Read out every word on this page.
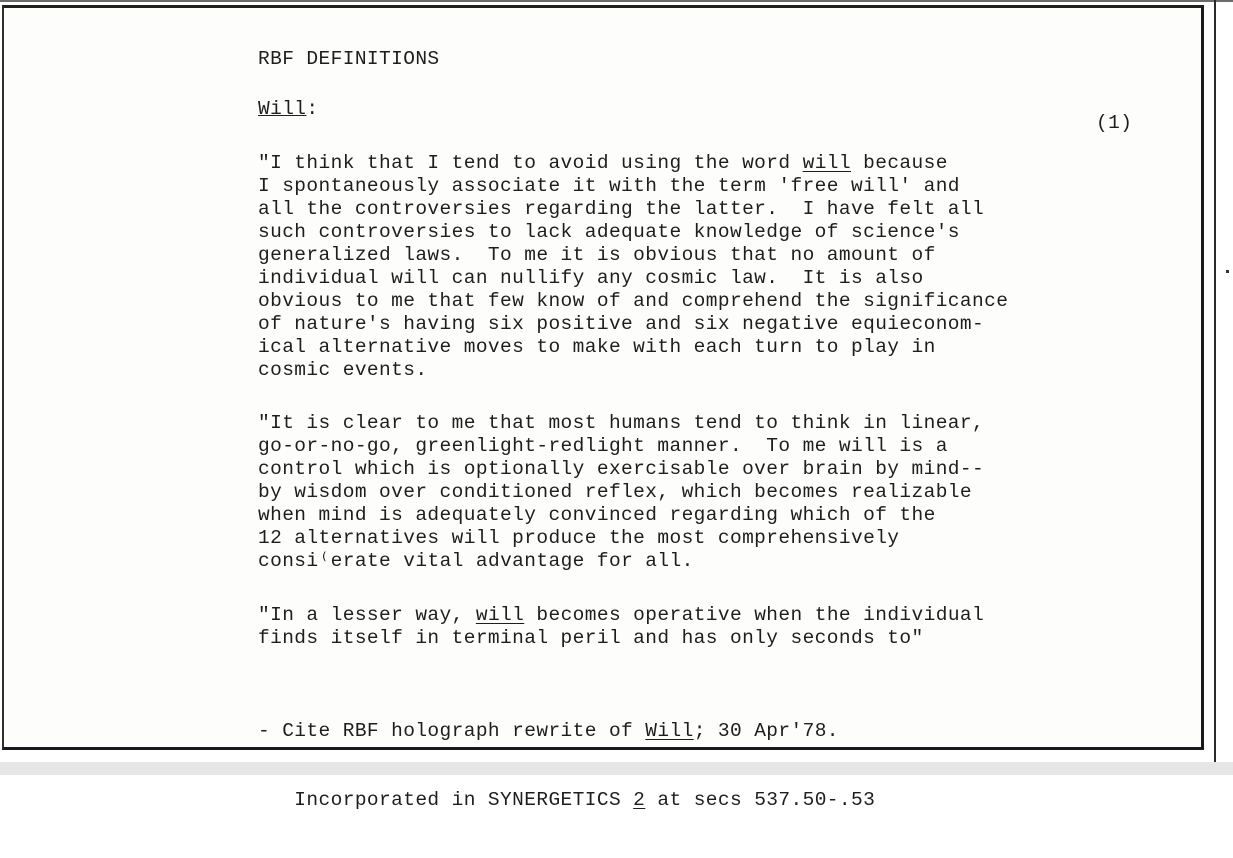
RBF DEFINITIONS

Will:

(1)

"I think that I tend to avoid using the word will because
I spontaneously associate it with the term 'free will' and
all the controversies regarding the latter.  I have felt all
such controversies to lack adequate knowledge of science's
generalized laws.  To me it is obvious that no amount of
individual will can nullify any cosmic law.  It is also
obvious to me that few know of and comprehend the significance
of nature's having six positive and six negative equieconom-
ical alternative moves to make with each turn to play in
cosmic events.

"It is clear to me that most humans tend to think in linear,
go-or-no-go, greenlight-redlight manner.  To me will is a
control which is optionally exercisable over brain by mind--
by wisdom over conditioned reflex, which becomes realizable
when mind is adequately convinced regarding which of the
12 alternatives will produce the most comprehensively
consi⁽erate vital advantage for all.

"In a lesser way, will becomes operative when the individual
finds itself in terminal peril and has only seconds to"

- Cite RBF holograph rewrite of Will; 30 Apr'78.

Incorporated in SYNERGETICS 2 at secs 537.50-.53
